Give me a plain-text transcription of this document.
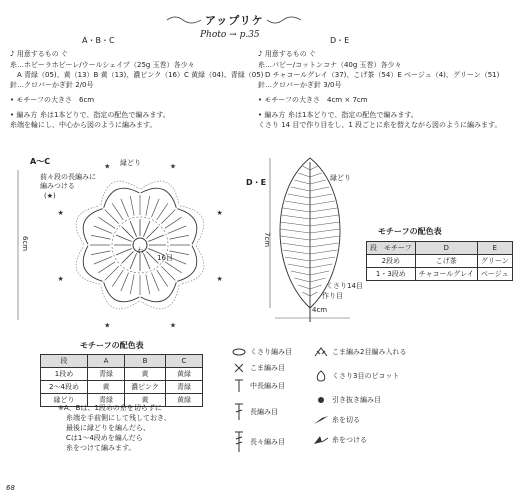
アップリケ
Photo → p.35
A・B・C
♪ 用意するもの ぐ
糸…ホビーラホビーレ/ウールシェイプ（25g 玉巻）各少々
　A 青緑（05)、黄（13）B 黄（13)、濃ピンク（16）C 黄緑（04)、青緑（05)
針…クロバーかぎ針 2/0号
• モチーフの大きさ　6cm
• 編み方 糸は1本どりで、指定の配色で編みます。
糸端を輪にし、中心から図のように編みます。
D・E
♪ 用意するもの ぐ
糸…パピー/コットンコナ（40g 玉巻）各少々
　D チャコールグレイ（37)、こげ茶（54）E ベージュ（4)、グリーン（51)
針…クロバーかぎ針 3/0号
• モチーフの大きさ　4cm × 7cm
• 編み方 糸は1本どりで、指定の配色で編みます。
くさり 14 目で作り目をし、1 段ごとに糸を替えながら図のように編みます。
★
★
★
★
★
★	★
★
A〜C	縁どり
前々段の長編みに
編みつける
(★)
6cm	わ
16目
D・E	縁どり
7cm
4cm
くさり14目
作り目
モチーフの配色表
段　モチーフ	D	E
2段め	こげ茶	グリーン
1・3段め	チャコールグレイ	ベージュ
モチーフの配色表
段	A	B	C
1段め	青緑	黄	黄緑
2〜4段め	黄	濃ピンク	青緑
縁どり	青緑	黄	黄緑
※A、Bは、1段めの糸を切らずに
糸端を手前側にして残しておき、
最後に縁どりを編んだら、
Cは1〜4段めを編んだら
糸をつけて編みます。
くさり編み目
こま編み目
中長編み目
長編み目
長々編み目
こま編み2目編み入れる
くさり3目のピコット
引き抜き編み目
糸を切る
糸をつける
68
